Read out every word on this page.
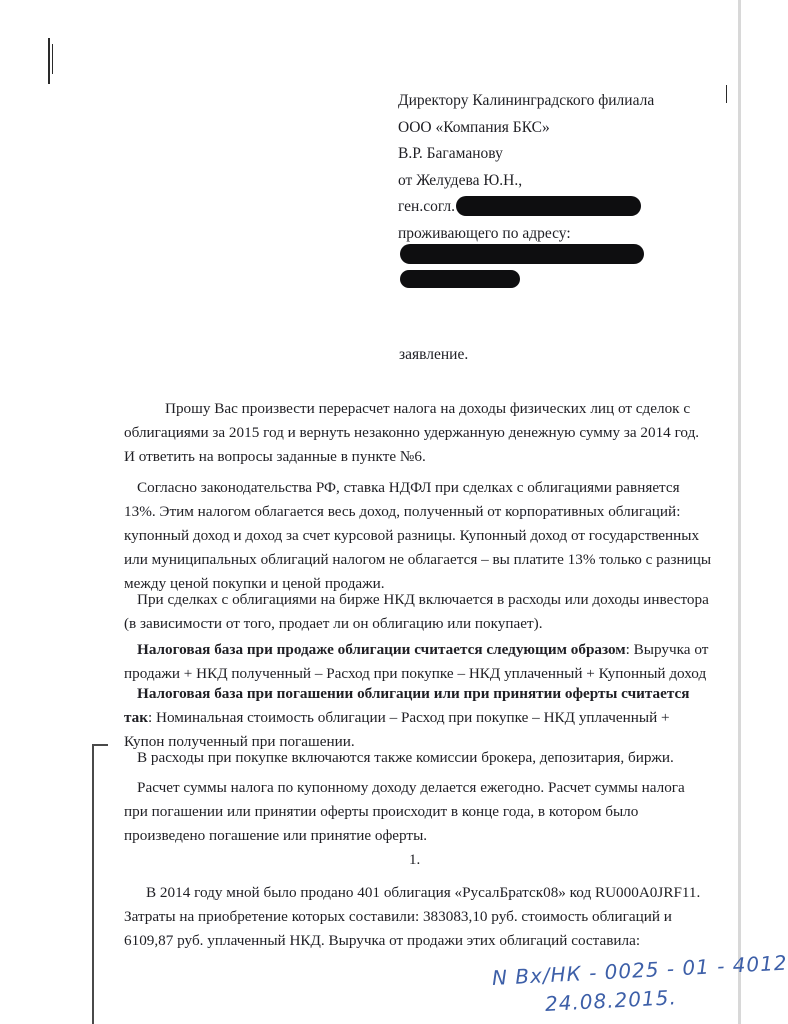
Директору Калининградского филиала
ООО «Компания БКС»
В.Р. Багаманову
от Желудева Ю.Н.,
ген.согл.
проживающего по адресу:
заявление.
Прошу Вас произвести перерасчет налога на доходы физических лиц от сделок с
облигациями за 2015 год и вернуть незаконно удержанную денежную сумму за 2014 год.
И ответить на вопросы заданные в пункте №6.
Согласно законодательства РФ, ставка НДФЛ при сделках с облигациями равняется
13%. Этим налогом облагается весь доход, полученный от корпоративных облигаций:
купонный доход и доход за счет курсовой разницы. Купонный доход от государственных
или муниципальных облигаций налогом не облагается – вы платите 13% только с разницы
между ценой покупки и ценой продажи.
При сделках с облигациями на бирже НКД включается в расходы или доходы инвестора
(в зависимости от того, продает ли он облигацию или покупает).
Налоговая база при продаже облигации считается следующим образом: Выручка от
продажи + НКД полученный – Расход при покупке – НКД уплаченный + Купонный доход
Налоговая база при погашении облигации или при принятии оферты считается
так: Номинальная стоимость облигации – Расход при покупке – НКД уплаченный +
Купон полученный при погашении.
В расходы при покупке включаются также комиссии брокера, депозитария, биржи.
Расчет суммы налога по купонному доходу делается ежегодно. Расчет суммы налога
при погашении или принятии оферты происходит в конце года, в котором было
произведено погашение или принятие оферты.
1.
В 2014 году мной было продано 401 облигация «РусалБратск08» код RU000A0JRF11.
Затраты на приобретение которых составили: 383083,10 руб. стоимость облигаций и
6109,87 руб. уплаченный НКД. Выручка от продажи этих облигаций составила:
N Вх/НК - 0025 - 01 - 4012
24.08.2015.
